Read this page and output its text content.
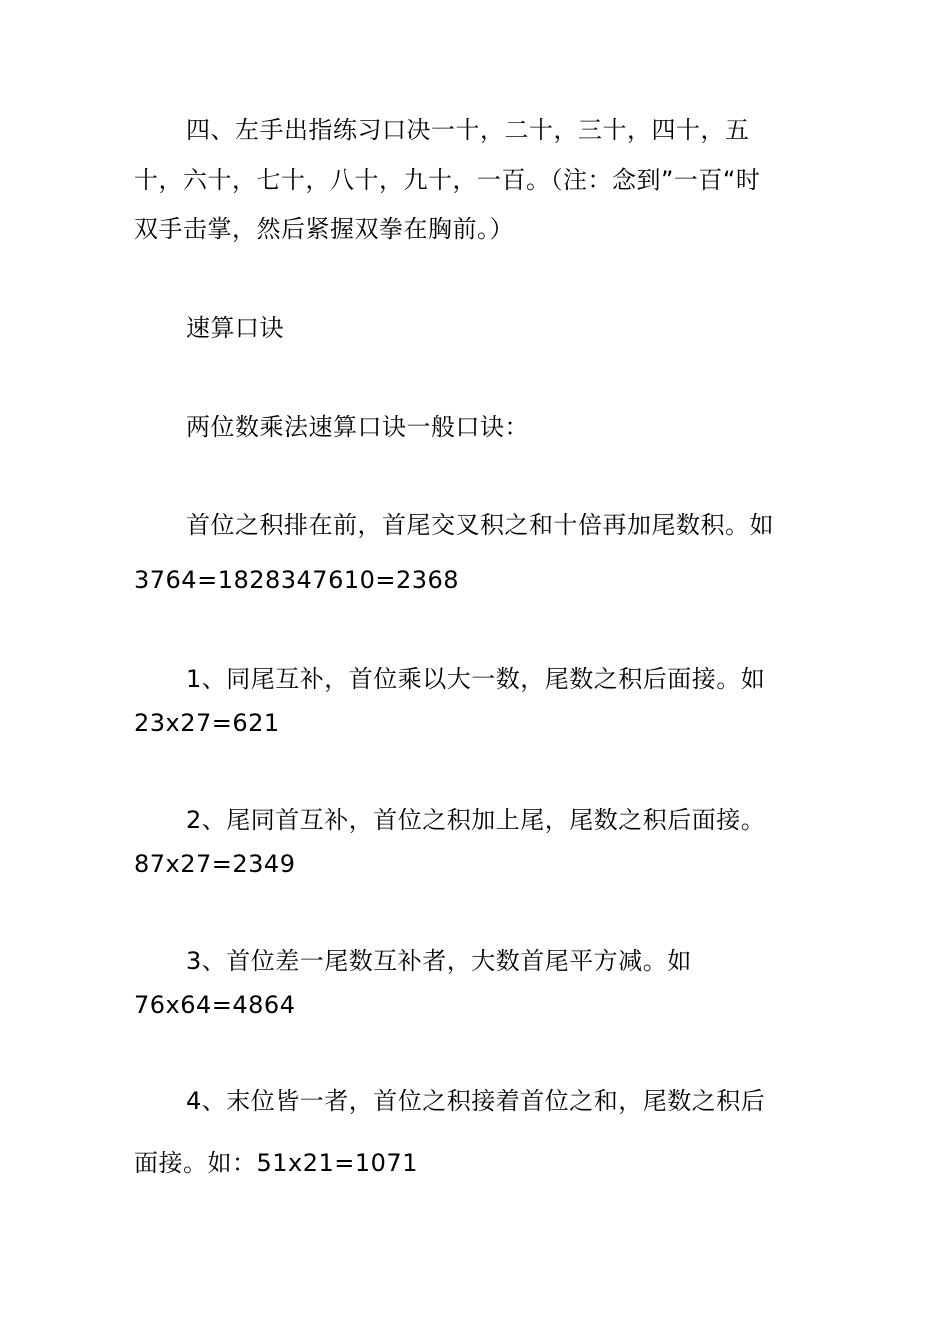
四、左手出指练习口决一十，二十，三十，四十，五
十，六十，七十，八十，九十，一百。（注：念到”一百“时
双手击掌，然后紧握双拳在胸前。）
速算口诀
两位数乘法速算口诀一般口诀：
首位之积排在前，首尾交叉积之和十倍再加尾数积。如
3764=1828347610=2368
1、同尾互补，首位乘以大一数，尾数之积后面接。如
23x27=621
2、尾同首互补，首位之积加上尾，尾数之积后面接。
87x27=2349
3、首位差一尾数互补者，大数首尾平方减。如
76x64=4864
4、末位皆一者，首位之积接着首位之和，尾数之积后
面接。如：51x21=1071
